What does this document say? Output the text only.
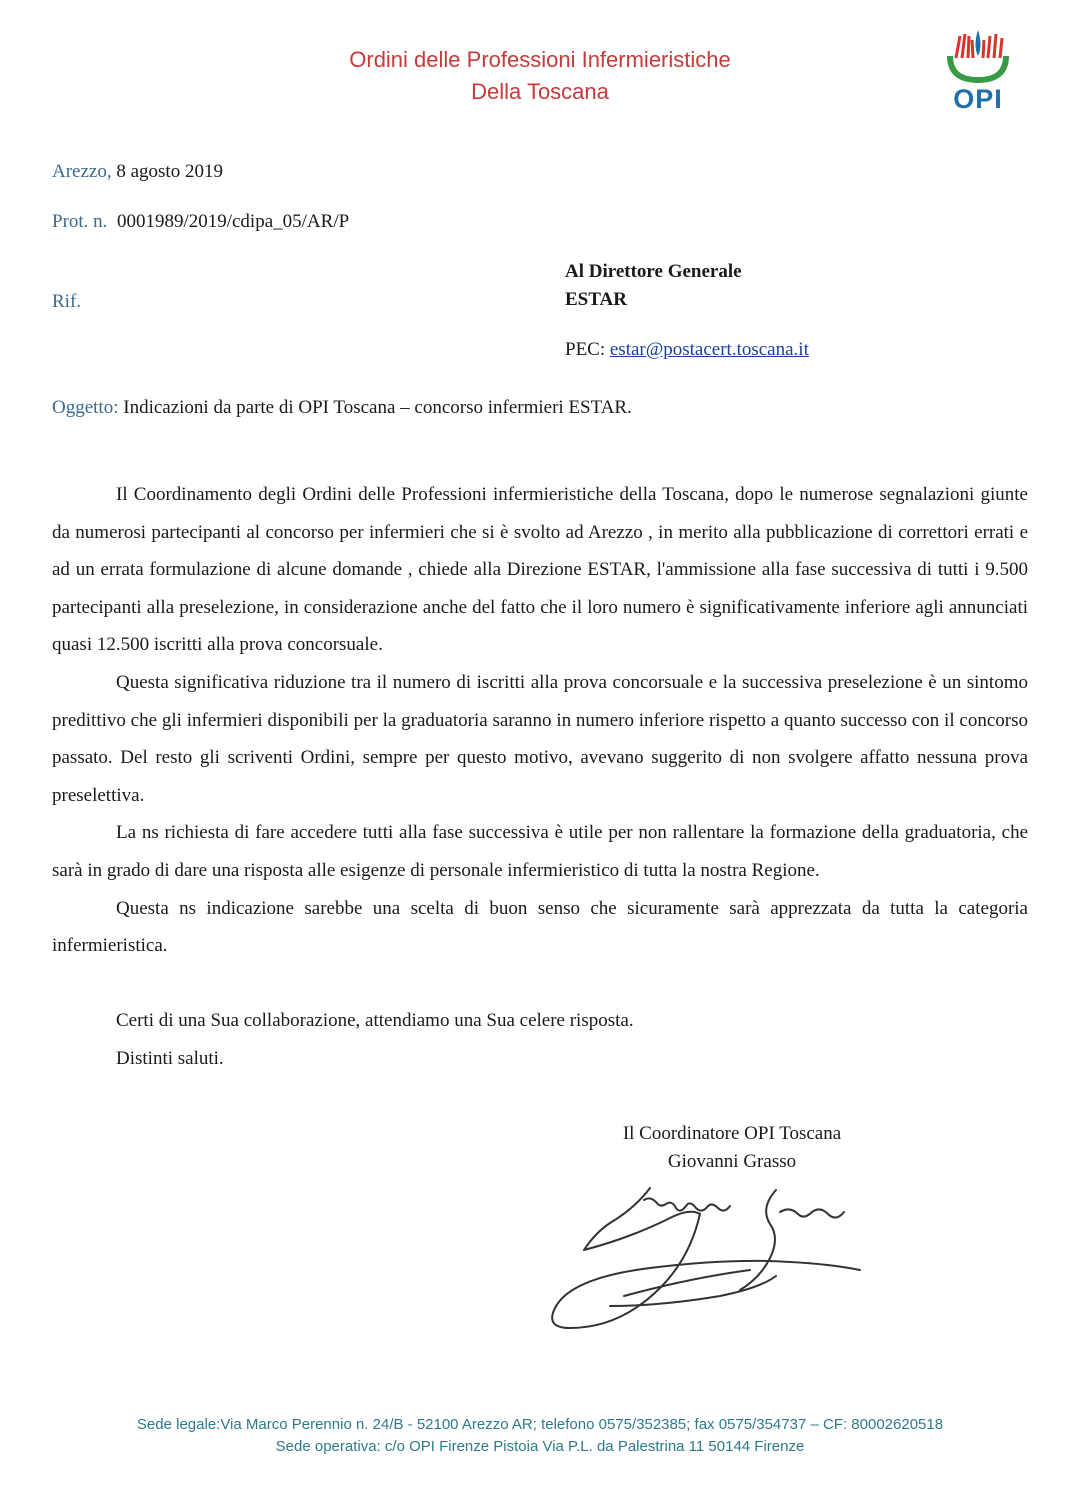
Ordini delle Professioni Infermieristiche
Della Toscana	OPI
Arezzo, 8 agosto 2019
Prot. n. 0001989/2019/cdipa_05/AR/P
Rif.
Al Direttore Generale
ESTAR
PEC: estar@postacert.toscana.it
Oggetto: Indicazioni da parte di OPI Toscana – concorso infermieri ESTAR.

Il Coordinamento degli Ordini delle Professioni infermieristiche della Toscana, dopo le numerose segnalazioni giunte da numerosi partecipanti al concorso per infermieri che si è svolto ad Arezzo , in merito alla pubblicazione di correttori errati e ad un errata formulazione di alcune domande , chiede alla Direzione ESTAR, l'ammissione alla fase successiva di tutti i 9.500 partecipanti alla preselezione, in considerazione anche del fatto che il loro numero è significativamente inferiore agli annunciati quasi 12.500 iscritti alla prova concorsuale.

Questa significativa riduzione tra il numero di iscritti alla prova concorsuale e la successiva preselezione è un sintomo predittivo che gli infermieri disponibili per la graduatoria saranno in numero inferiore rispetto a quanto successo con il concorso passato. Del resto gli scriventi Ordini, sempre per questo motivo, avevano suggerito di non svolgere affatto nessuna prova preselettiva.

La ns richiesta di fare accedere tutti alla fase successiva è utile per non rallentare la formazione della graduatoria, che sarà in grado di dare una risposta alle esigenze di personale infermieristico di tutta la nostra Regione.

Questa ns indicazione sarebbe una scelta di buon senso che sicuramente sarà apprezzata da tutta la categoria infermieristica.

Certi di una Sua collaborazione, attendiamo una Sua celere risposta.
Distinti saluti.
Il Coordinatore OPI Toscana
Giovanni Grasso
Sede legale:Via Marco Perennio n. 24/B - 52100 Arezzo AR; telefono 0575/352385; fax 0575/354737 – CF: 80002620518
Sede operativa: c/o OPI Firenze Pistoia Via P.L. da Palestrina 11 50144 Firenze
